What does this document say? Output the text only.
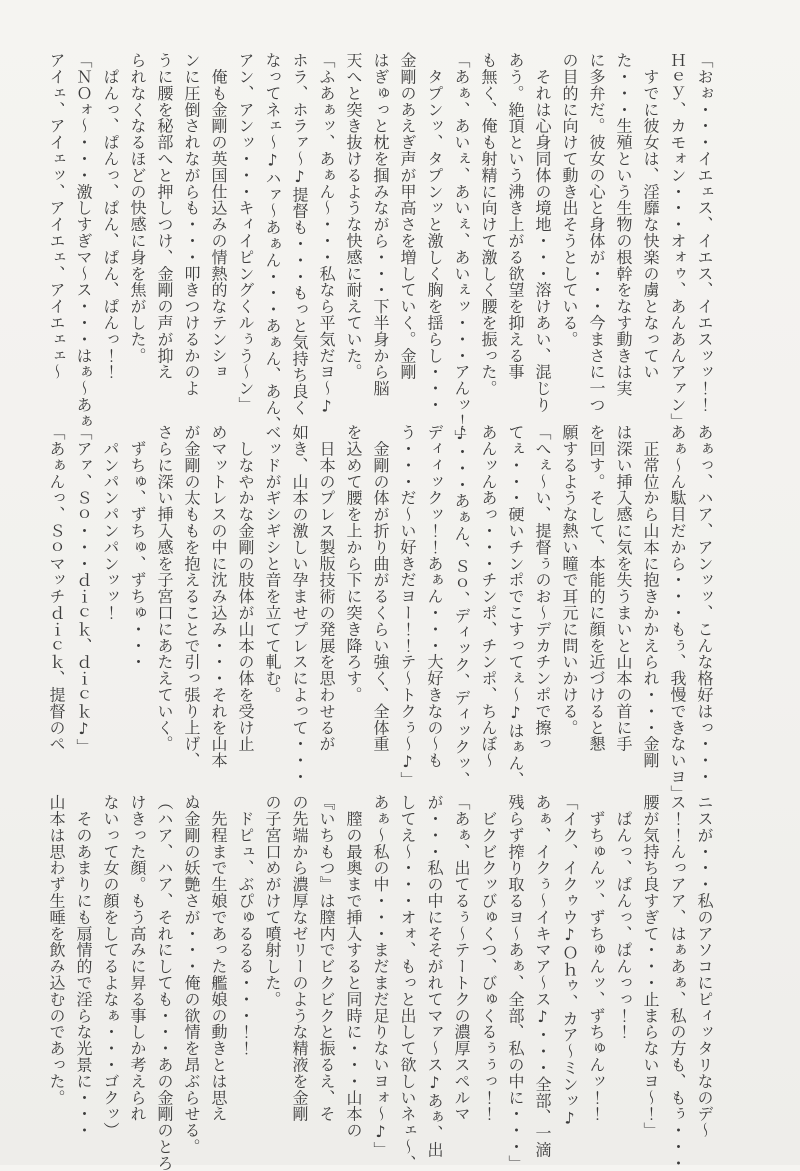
「おぉ・・・イエェス、イエス、イエスッッ！！
Ｈｅｙ、カモォン・・・オォゥ、あんあんアァン」
　すでに彼女は、淫靡な快楽の虜となってい
た・・・生殖という生物の根幹をなす動きは実
に多弁だ。彼女の心と身体が・・・今まさに一つ
の目的に向けて動き出そうとしている。
　それは心身同体の境地・・・溶けあい、混じり
あう。絶頂という沸き上がる欲望を抑える事
も無く、俺も射精に向けて激しく腰を振った。
「あぁ、あいぇ、あいぇ、あいぇッ・・・アんッ！」
　タプンッ、タプンッと激しく胸を揺らし・・・
金剛のあえぎ声が甲高さを増していく。金剛
はぎゅっと枕を掴みながら・・・下半身から脳
天へと突き抜けるような快感に耐えていた。
「ふあぁッ、あぁん〜・・・私なら平気だヨ〜♪
ホラ、ホラァ〜♪提督も・・・もっと気持ち良く
なってネェ〜♪ハァ〜あぁん・・・あぁん、あん、
アン、アンッ・・・キィイピングくルぅう〜ン」
　俺も金剛の英国仕込みの情熱的なテンショ
ンに圧倒されながらも・・・叩きつけるかのよ
うに腰を秘部へと押しつけ、金剛の声が抑え
られなくなるほどの快感に身を焦がした。
　ぱんっ、ぱんっ、ぱん、ぱん、ぱんっ！！
「ＮＯォ〜・・・激しすぎマ〜ス・・・はぁ〜あぁ
アイェ、アイェッ、アイエェ、アイエェェ〜
あぁっ、ハア、アンッッ、こんな格好はっ・・・
あぁ〜ん駄目だから・・・もぅ、我慢できないヨ」
　正常位から山本に抱きかかえられ・・・金剛
は深い挿入感に気を失うまいと山本の首に手
を回す。そして、本能的に顔を近づけると懇
願するような熱い瞳で耳元に問いかける。
「へぇ〜い、提督ぅのお〜デカチンポで擦っ
てぇ・・・硬いチンポでこすってぇ〜♪はぁん、
あんッんあっ・・・チンポ、チンポ、ちんぼ〜
♪・・・あぁん、Ｓｏ、ディック、ディックッ、
ディィックッ！！あぁん・・・大好きなの〜も
う・・・だ〜い好きだヨー！！テ〜トクぅ〜♪」
　金剛の体が折り曲がるくらい強く、全体重
を込めて腰を上から下に突き降ろす。
　日本のプレス製版技術の発展を思わせるが
如き、山本の激しい孕ませプレスによって・・・
ベッドがギシギシと音を立てて軋む。
　しなやかな金剛の肢体が山本の体を受け止
めマットレスの中に沈み込み・・・それを山本
が金剛の太ももを抱えることで引っ張り上げ、
さらに深い挿入感を子宮口にあたえていく。
　ずちゅ、ずちゅ、ずちゅ・・・
　パンパンパンパンッッ！
「アァ、Ｓｏ・・・ｄｉｃｋ、ｄｉｃｋ♪」
「あぁんっ、Ｓｏマッチｄｉｃｋ、提督のペ
ニスが・・・私のアソコにピィッタリなのデ〜
ス！！んっアア、はぁあぁ、私の方も、もぅ・・・
腰が気持ち良すぎて・・・止まらないヨ〜！」
　ぱんっ、ぱんっ、ぱんっっ！！
　ずちゅんッ、ずちゅんッ、ずちゅんッ！！
「イク、イクゥウ♪Ｏｈゥ、カア〜ミンッ♪
あぁ、イクぅ〜イキマア〜ス♪・・・全部、一滴
残らず搾り取るヨ〜あぁ、全部、私の中に・・・」
　ビクビクッびゅくつ、びゅくるぅぅっ！！
「あぁ、出てるぅ〜テートクの濃厚スペルマ
が・・・私の中にそそがれてマァ〜ス♪あぁ、出
してえ〜・・・オォ、もっと出して欲しいネェ〜、
あぁ〜私の中・・・まだまだ足りないヨォ〜♪」
　膣の最奥まで挿入すると同時に・・・山本の
『いちもつ』は膣内でビクビクと振るえ、そ
の先端から濃厚なゼリーのような精液を金剛
の子宮口めがけて噴射した。
　ドピュ、ぶぴゅるるる・・・！！
　先程まで生娘であった艦娘の動きとは思え
ぬ金剛の妖艶さが・・・俺の欲情を昂ぶらせる。
（ハア、ハア、それにしても・・・あの金剛のとろ
けきった顔。もう高みに昇る事しか考えられ
ないって女の顔をしてるよなぁ・・・ゴクッ）
　そのあまりにも扇情的で淫らな光景に・・・
山本は思わず生唾を飲み込むのであった。
